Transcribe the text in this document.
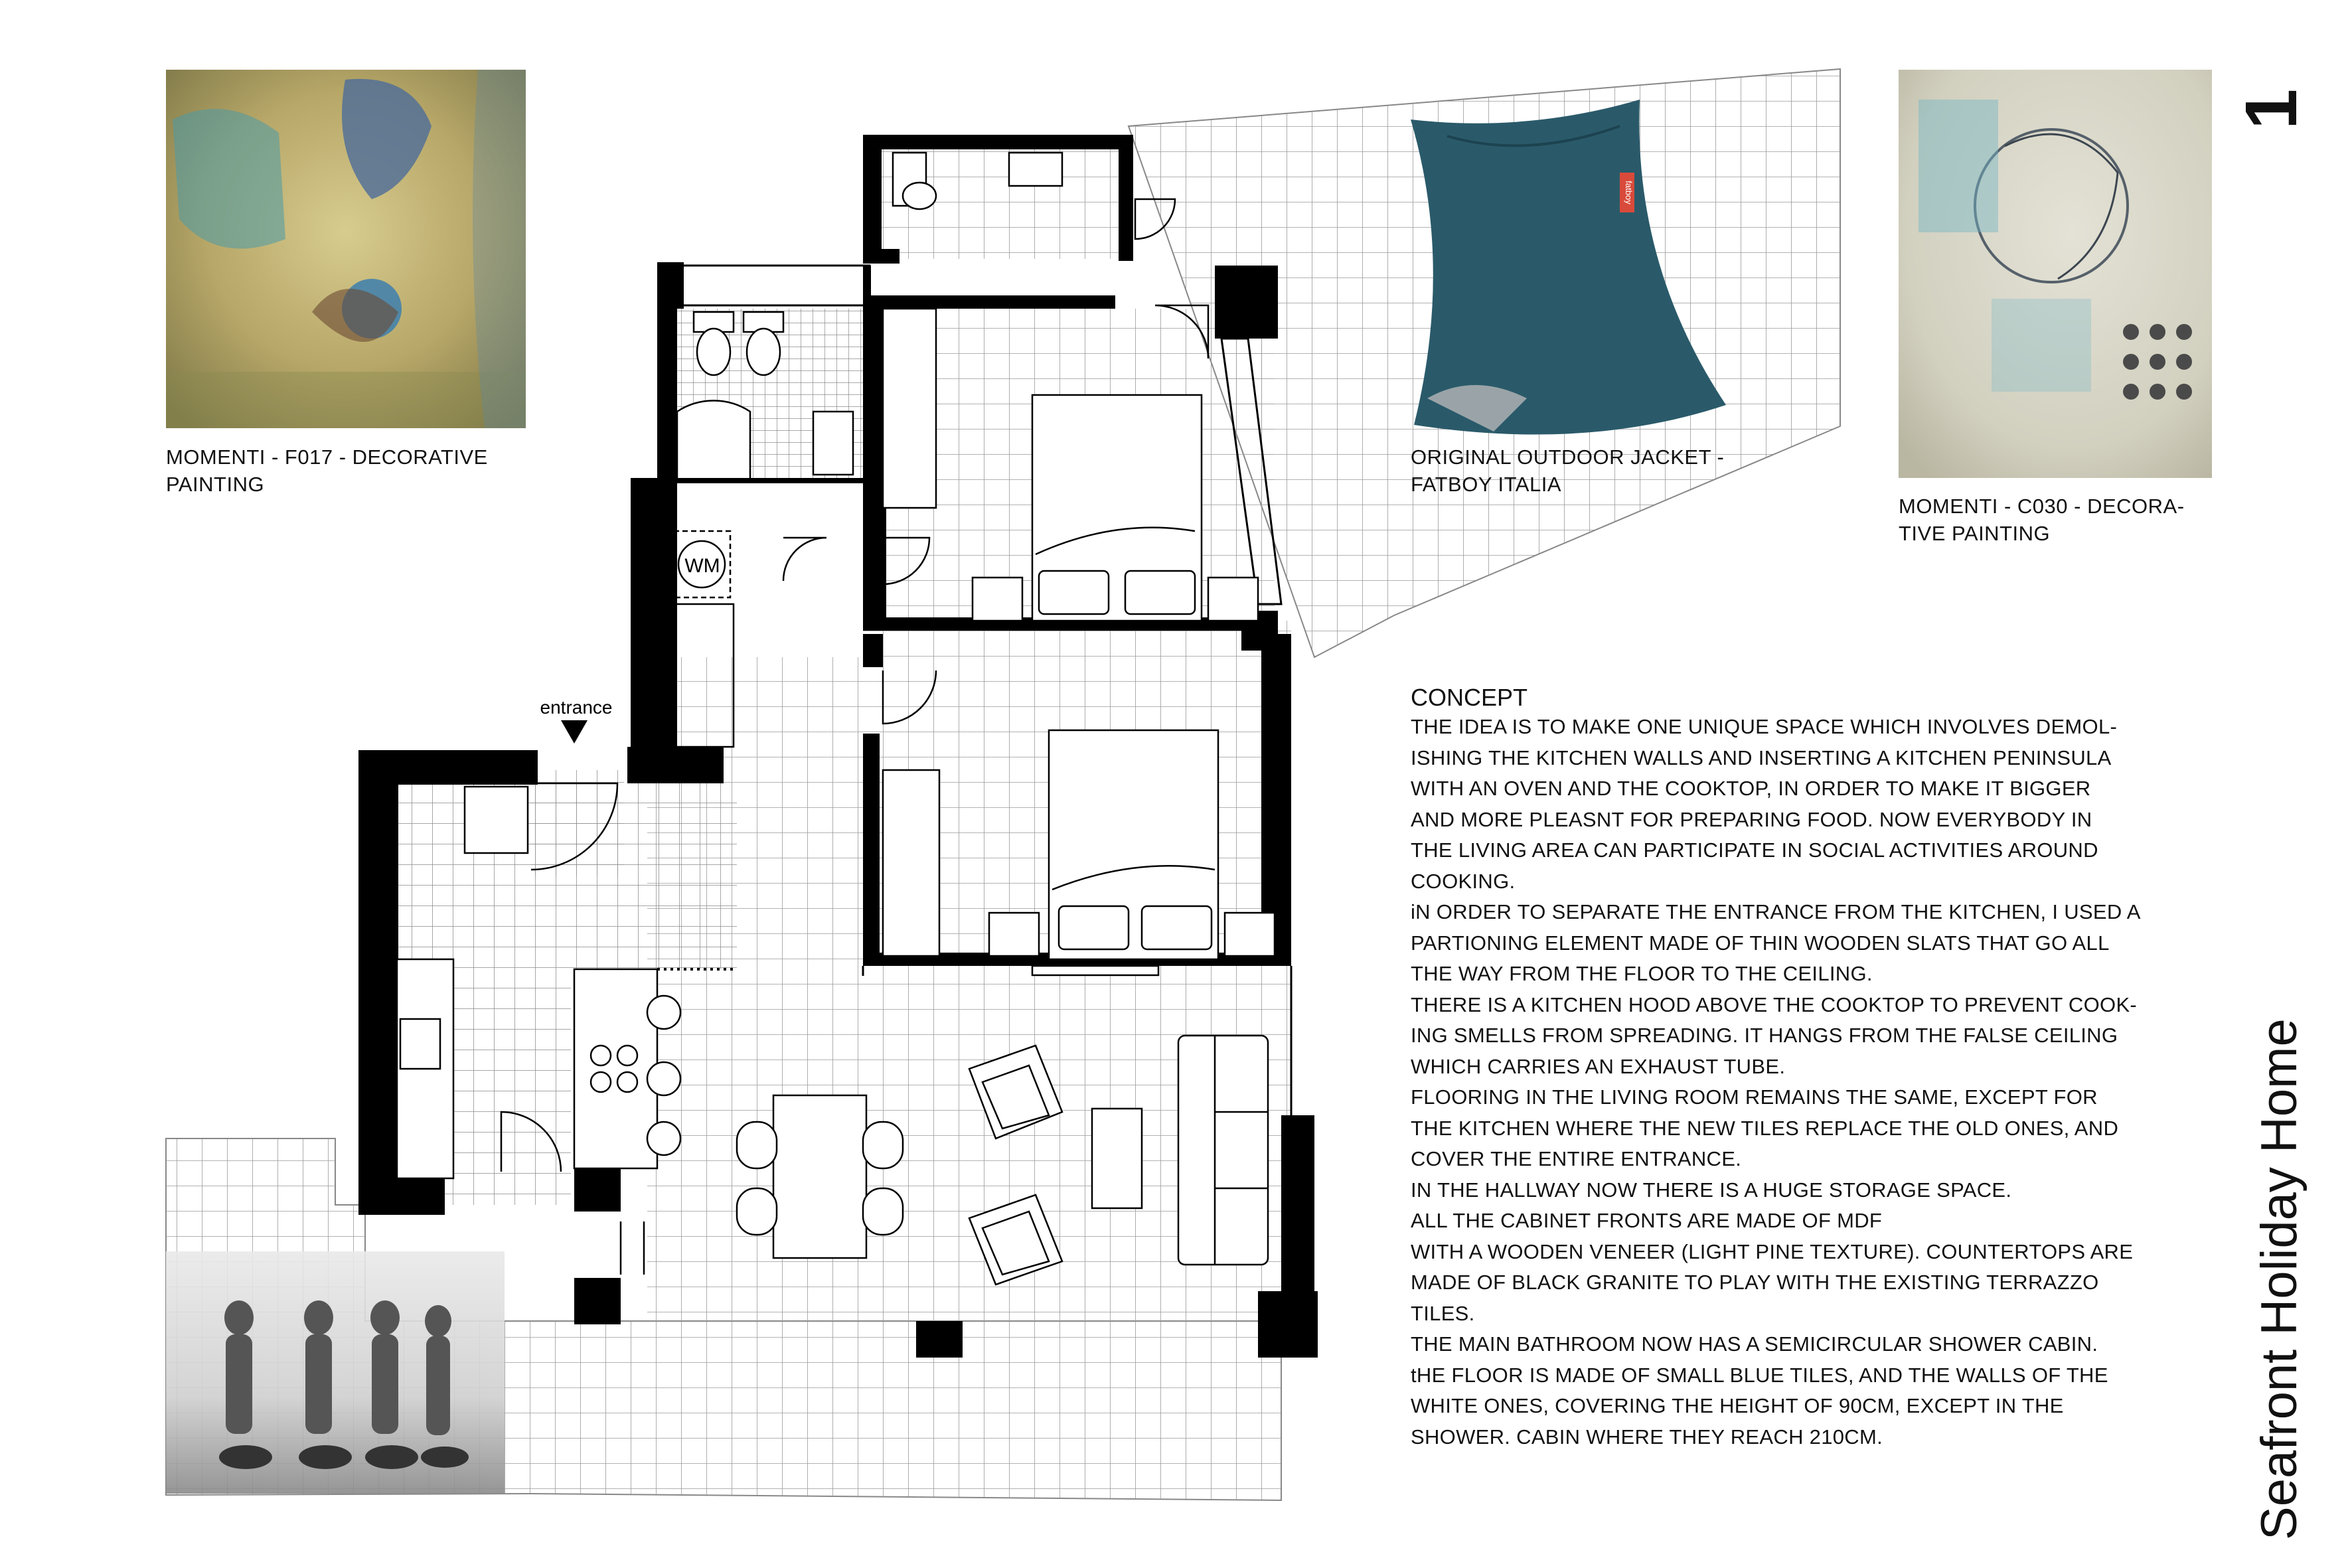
entrance
WM
fatboy
MOMENTI - F017 - DECORATIVE
PAINTING
ORIGINAL OUTDOOR JACKET -
FATBOY ITALIA
MOMENTI - C030 - DECORA-
TIVE PAINTING
CONCEPT
THE IDEA IS TO MAKE ONE UNIQUE SPACE WHICH INVOLVES DEMOL-
ISHING THE KITCHEN WALLS AND INSERTING A KITCHEN PENINSULA
WITH AN OVEN AND THE COOKTOP, IN ORDER TO MAKE IT BIGGER
AND MORE PLEASNT FOR PREPARING FOOD. NOW EVERYBODY IN
THE LIVING AREA CAN PARTICIPATE IN SOCIAL ACTIVITIES AROUND
COOKING.
iN ORDER TO SEPARATE THE ENTRANCE FROM THE KITCHEN, I USED A
PARTIONING ELEMENT MADE OF THIN WOODEN SLATS THAT GO ALL
THE WAY FROM THE FLOOR TO THE CEILING.
THERE IS A KITCHEN HOOD ABOVE THE COOKTOP TO PREVENT COOK-
ING SMELLS FROM SPREADING. IT HANGS FROM THE FALSE CEILING
WHICH CARRIES AN EXHAUST TUBE.
FLOORING IN THE LIVING ROOM REMAINS THE SAME, EXCEPT FOR
THE KITCHEN WHERE THE NEW TILES REPLACE THE OLD ONES, AND
COVER THE ENTIRE ENTRANCE.
IN THE HALLWAY NOW THERE IS A HUGE STORAGE SPACE.
ALL THE CABINET FRONTS ARE MADE OF MDF
WITH A WOODEN VENEER (LIGHT PINE TEXTURE). COUNTERTOPS ARE
MADE OF BLACK GRANITE TO PLAY WITH THE EXISTING TERRAZZO
TILES.
THE MAIN BATHROOM NOW HAS A SEMICIRCULAR SHOWER CABIN.
tHE FLOOR IS MADE OF SMALL BLUE TILES, AND THE WALLS OF THE
WHITE ONES, COVERING THE HEIGHT OF 90CM, EXCEPT IN THE
SHOWER. CABIN WHERE THEY REACH 210CM.	Seafront Holiday Home
1
